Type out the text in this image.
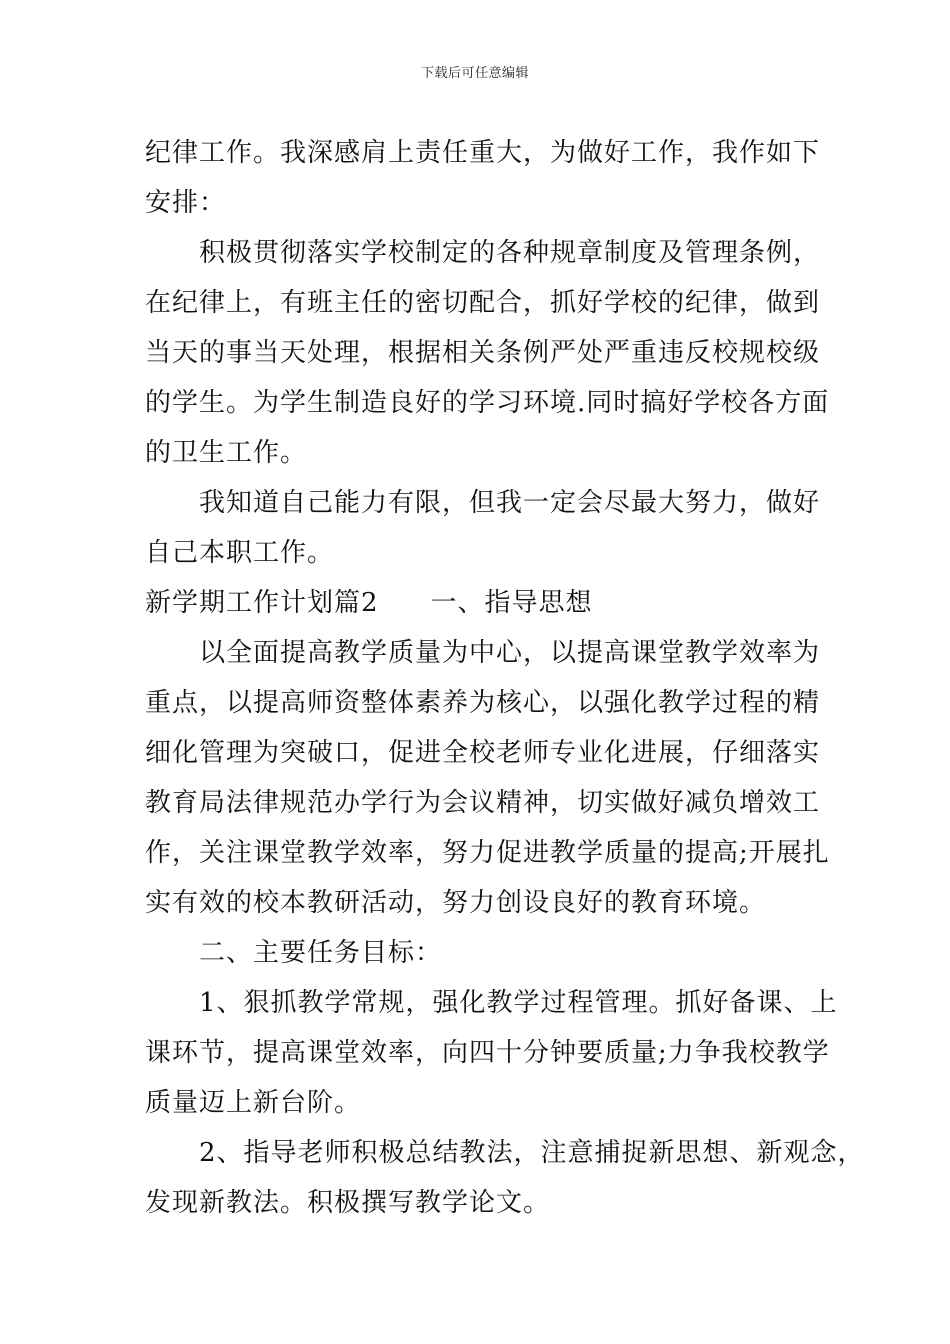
下载后可任意编辑
纪律工作。我深感肩上责任重大，为做好工作，我作如下
安排：
积极贯彻落实学校制定的各种规章制度及管理条例，
在纪律上，有班主任的密切配合，抓好学校的纪律，做到
当天的事当天处理，根据相关条例严处严重违反校规校级
的学生。为学生制造良好的学习环境.同时搞好学校各方面
的卫生工作。
我知道自己能力有限，但我一定会尽最大努力，做好
自己本职工作。
新学期工作计划篇2 一、指导思想
以全面提高教学质量为中心，以提高课堂教学效率为
重点，以提高师资整体素养为核心，以强化教学过程的精
细化管理为突破口，促进全校老师专业化进展，仔细落实
教育局法律规范办学行为会议精神，切实做好减负增效工
作，关注课堂教学效率，努力促进教学质量的提高;开展扎
实有效的校本教研活动，努力创设良好的教育环境。
二、主要任务目标：
1、狠抓教学常规，强化教学过程管理。抓好备课、上
课环节，提高课堂效率，向四十分钟要质量;力争我校教学
质量迈上新台阶。
2、指导老师积极总结教法，注意捕捉新思想、新观念，
发现新教法。积极撰写教学论文。
